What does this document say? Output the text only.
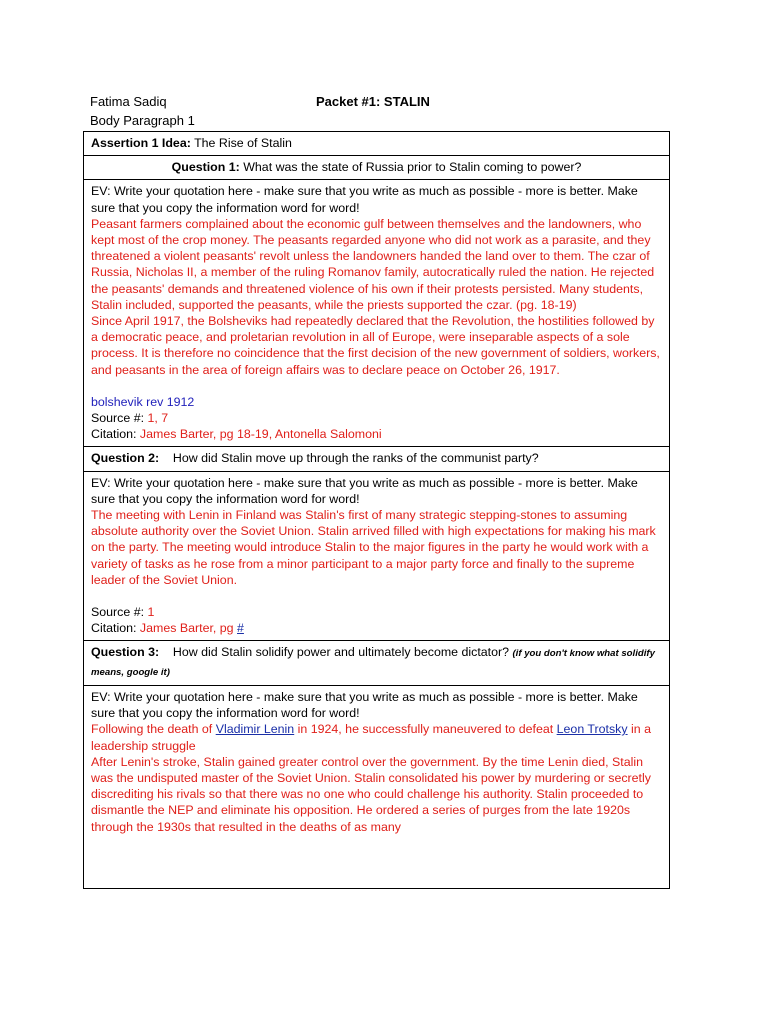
Fatima Sadiq
Body Paragraph 1
Packet #1: STALIN
Assertion 1 Idea: The Rise of Stalin
Question 1: What was the state of Russia prior to Stalin coming to power?

EV: Write your quotation here - make sure that you write as much as possible - more is better. Make sure that you copy the information word for word!
Peasant farmers complained about the economic gulf between themselves and the landowners, who kept most of the crop money. The peasants regarded anyone who did not work as a parasite, and they threatened a violent peasants' revolt unless the landowners handed the land over to them. The czar of Russia, Nicholas II, a member of the ruling Romanov family, autocratically ruled the nation. He rejected the peasants' demands and threatened violence of his own if their protests persisted. Many students, Stalin included, supported the peasants, while the priests supported the czar. (pg. 18-19)
Since April 1917, the Bolsheviks had repeatedly declared that the Revolution, the hostilities followed by a democratic peace, and proletarian revolution in all of Europe, were inseparable aspects of a sole process. It is therefore no coincidence that the first decision of the new government of soldiers, workers, and peasants in the area of foreign affairs was to declare peace on October 26, 1917.
bolshevik rev 1912
Source #: 1, 7
Citation: James Barter, pg 18-19, Antonella Salomoni

Question 2:    How did Stalin move up through the ranks of the communist party?

EV: Write your quotation here - make sure that you write as much as possible - more is better. Make sure that you copy the information word for word!
The meeting with Lenin in Finland was Stalin's first of many strategic stepping-stones to assuming absolute authority over the Soviet Union. Stalin arrived filled with high expectations for making his mark on the party. The meeting would introduce Stalin to the major figures in the party he would work with a variety of tasks as he rose from a minor participant to a major party force and finally to the supreme leader of the Soviet Union.
Source #: 1
Citation: James Barter, pg #

Question 3:    How did Stalin solidify power and ultimately become dictator? (if you don't know what solidify means, google it)

EV: Write your quotation here - make sure that you write as much as possible - more is better. Make sure that you copy the information word for word!
Following the death of Vladimir Lenin in 1924, he successfully maneuvered to defeat Leon Trotsky in a leadership struggle
After Lenin's stroke, Stalin gained greater control over the government. By the time Lenin died, Stalin was the undisputed master of the Soviet Union. Stalin consolidated his power by murdering or secretly discrediting his rivals so that there was no one who could challenge his authority. Stalin proceeded to dismantle the NEP and eliminate his opposition. He ordered a series of purges from the late 1920s through the 1930s that resulted in the deaths of as many
